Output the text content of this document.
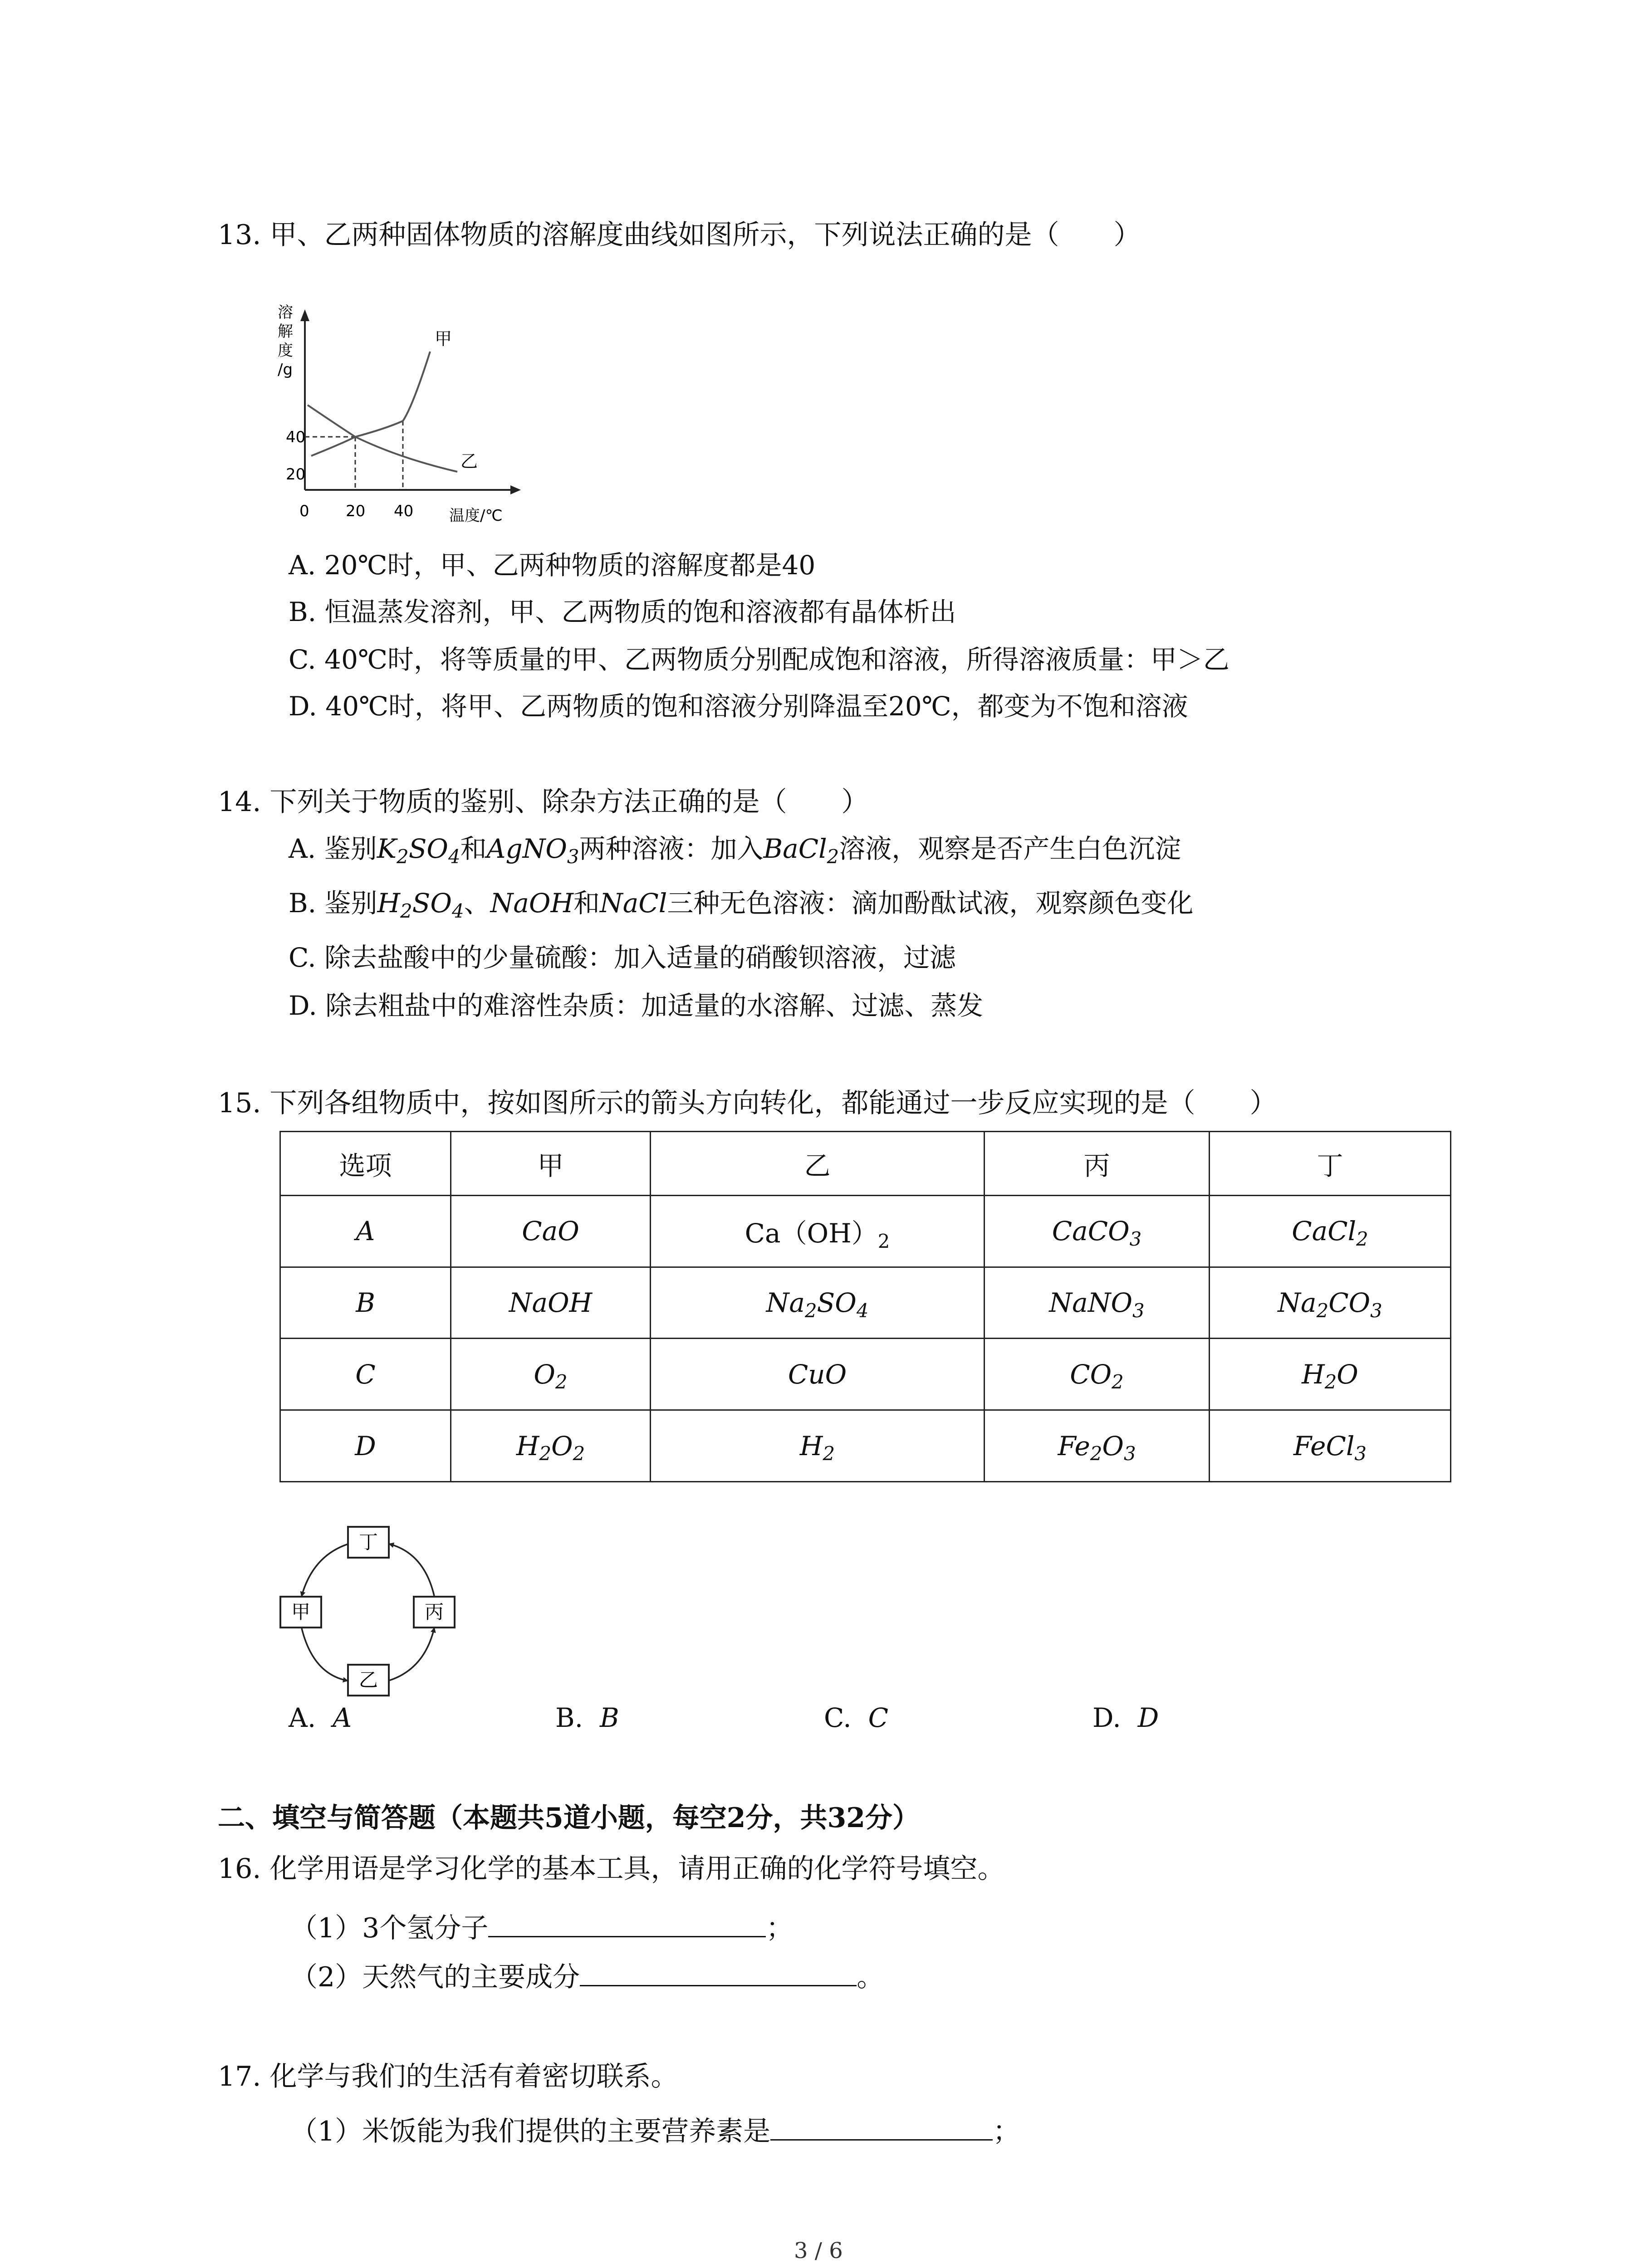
13. 甲、乙两种固体物质的溶解度曲线如图所示，下列说法正确的是（　　）
溶
解
度
/g
40
20
0 20 40 温度/℃
甲
乙
A. 20℃时，甲、乙两种物质的溶解度都是40
B. 恒温蒸发溶剂，甲、乙两物质的饱和溶液都有晶体析出
C. 40℃时，将等质量的甲、乙两物质分别配成饱和溶液，所得溶液质量：甲＞乙
D. 40℃时，将甲、乙两物质的饱和溶液分别降温至20℃，都变为不饱和溶液
14. 下列关于物质的鉴别、除杂方法正确的是（　　）
A. 鉴别$K_2SO_4$和AgNO$_3$两种溶液：加入BaCl$_2$溶液，观察是否产生白色沉淀
B. 鉴别$H_2SO_4$、NaOH和NaCl三种无色溶液：滴加酚酞试液，观察颜色变化
C. 除去盐酸中的少量硫酸：加入适量的硝酸钡溶液，过滤
D. 除去粗盐中的难溶性杂质：加适量的水溶解、过滤、蒸发
15. 下列各组物质中，按如图所示的箭头方向转化，都能通过一步反应实现的是（　　）
选项	甲	乙	丙	丁
A	CaO	$Ca(OH)_2$	CaCO$_3$	CaCl$_2$
B	NaOH	$Na_2SO_4$	NaNO$_3$	$Na_2CO_3$
C	$O_2$	CuO	$CO_2$	$H_2O$
D	$H_2O_2$	$H_2$	$Fe_2O_3$	FeCl$_3$
丁
甲	丙
乙
A. A	B. B	C. C	D. D
二、填空与简答题（本题共5道小题，每空2分，共32分）
16. 化学用语是学习化学的基本工具，请用正确的化学符号填空。
（1）3个氢分子	；
（2）天然气的主要成分	。
17. 化学与我们的生活有着密切联系。
（1）米饭能为我们提供的主要营养素是	；
3 / 6
